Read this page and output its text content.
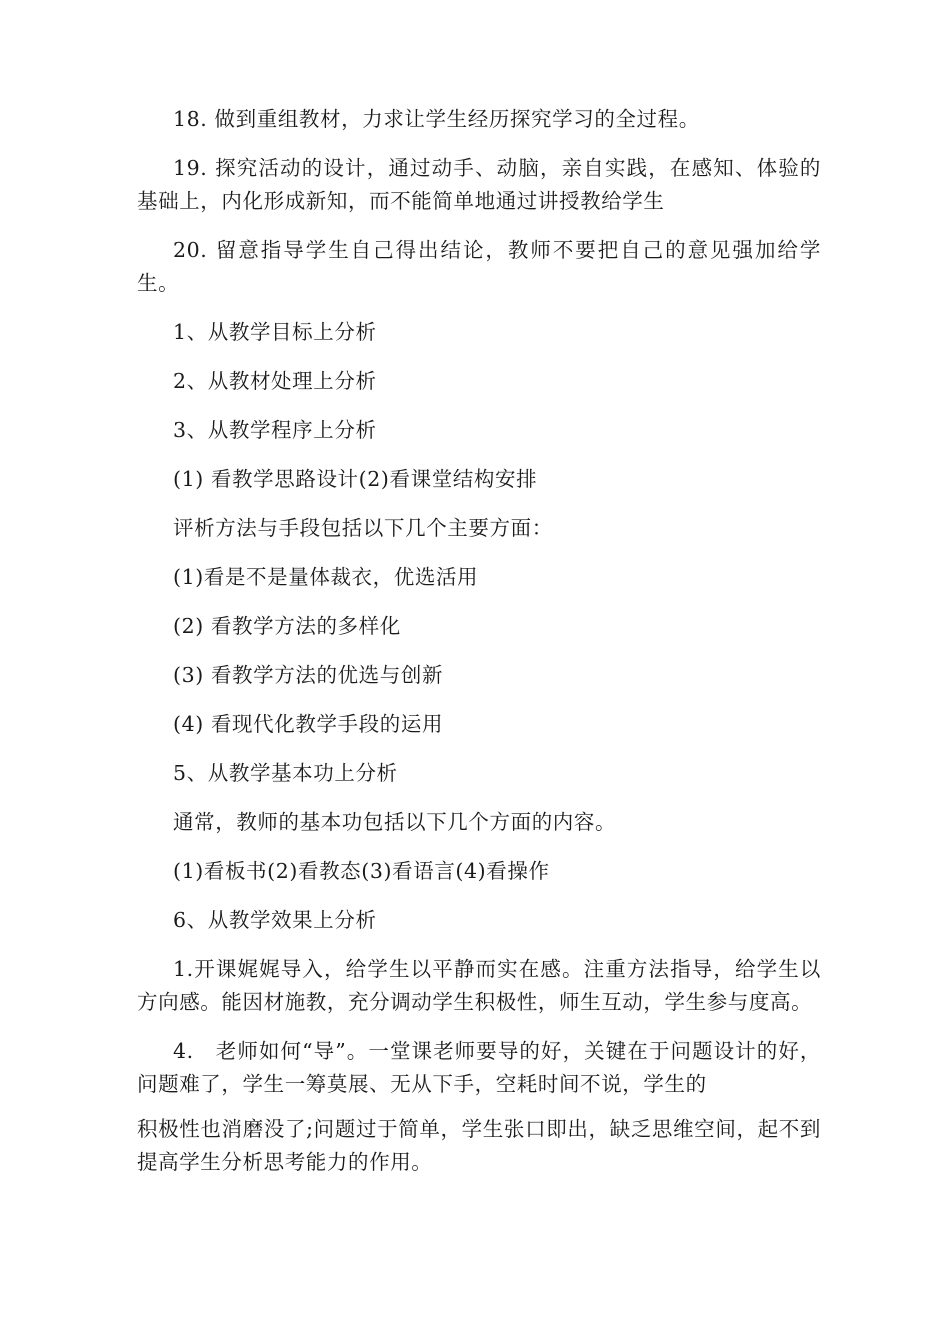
18. 做到重组教材，力求让学生经历探究学习的全过程。

19. 探究活动的设计，通过动手、动脑，亲自实践，在感知、体验的基础上，内化形成新知，而不能简单地通过讲授教给学生

20. 留意指导学生自己得出结论，教师不要把自己的意见强加给学生。

1、从教学目标上分析

2、从教材处理上分析

3、从教学程序上分析

(1) 看教学思路设计(2)看课堂结构安排

评析方法与手段包括以下几个主要方面：

(1)看是不是量体裁衣，优选活用

(2) 看教学方法的多样化

(3) 看教学方法的优选与创新

(4) 看现代化教学手段的运用

5、从教学基本功上分析

通常，教师的基本功包括以下几个方面的内容。

(1)看板书(2)看教态(3)看语言(4)看操作

6、从教学效果上分析

1.开课娓娓导入，给学生以平静而实在感。注重方法指导，给学生以方向感。能因材施教，充分调动学生积极性，师生互动，学生参与度高。

4.　老师如何“导”。一堂课老师要导的好，关键在于问题设计的好，问题难了，学生一筹莫展、无从下手，空耗时间不说，学生的

积极性也消磨没了;问题过于简单，学生张口即出，缺乏思维空间，起不到提高学生分析思考能力的作用。
